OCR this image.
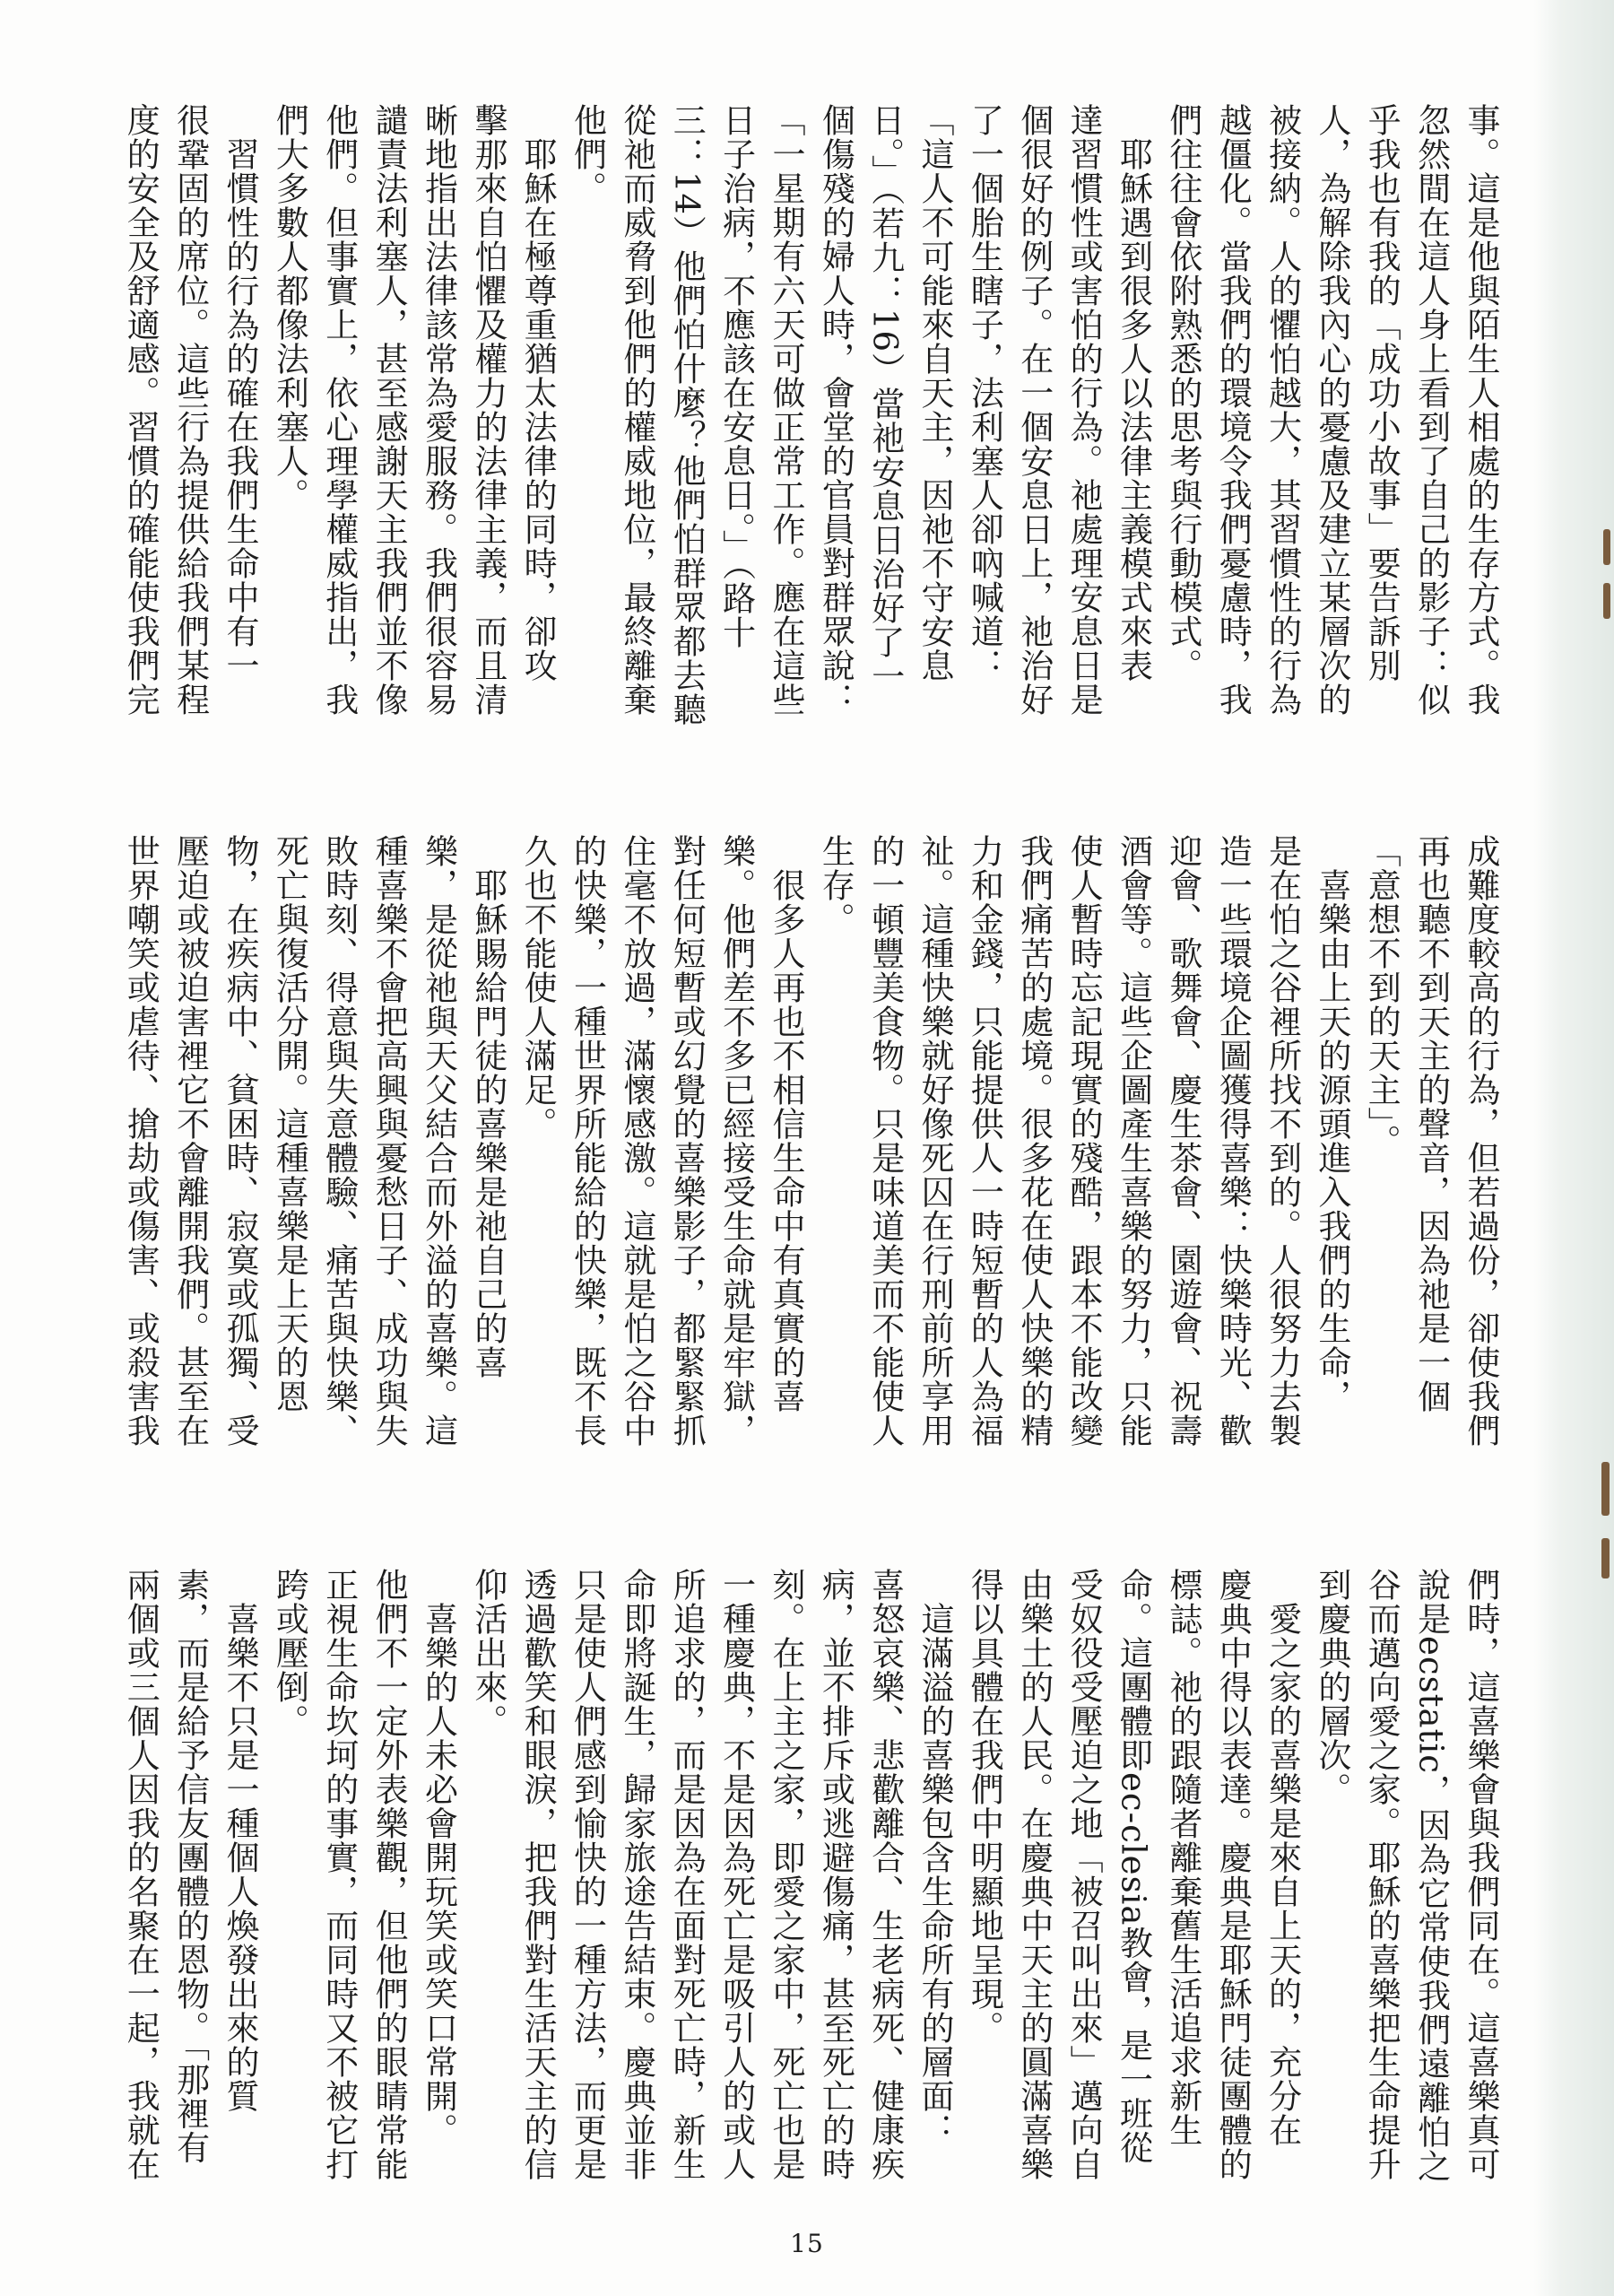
事。這是他與陌生人相處的生存方式。我
忽然間在這人身上看到了自己的影子：似
乎我也有我的「成功小故事」要告訴別
人，為解除我內心的憂慮及建立某層次的
被接納。人的懼怕越大，其習慣性的行為
越僵化。當我們的環境令我們憂慮時，我
們往往會依附熟悉的思考與行動模式。
　耶穌遇到很多人以法律主義模式來表
達習慣性或害怕的行為。祂處理安息日是
個很好的例子。在一個安息日上，祂治好
了一個胎生瞎子，法利塞人卻吶喊道：
「這人不可能來自天主，因祂不守安息
日。」（若九：16）當祂安息日治好了一
個傷殘的婦人時，會堂的官員對群眾說：
「一星期有六天可做正常工作。應在這些
日子治病，不應該在安息日。」（路十
三：14）他們怕什麼？他們怕群眾都去聽
從祂而威脅到他們的權威地位，最終離棄
他們。
　耶穌在極尊重猶太法律的同時，卻攻
擊那來自怕懼及權力的法律主義，而且清
晰地指出法律該常為愛服務。我們很容易
譴責法利塞人，甚至感謝天主我們並不像
他們。但事實上，依心理學權威指出，我
們大多數人都像法利塞人。
　習慣性的行為的確在我們生命中有一
很鞏固的席位。這些行為提供給我們某程
度的安全及舒適感。習慣的確能使我們完
成難度較高的行為，但若過份，卻使我們
再也聽不到天主的聲音，因為祂是一個
「意想不到的天主」。
　喜樂由上天的源頭進入我們的生命，
是在怕之谷裡所找不到的。人很努力去製
造一些環境企圖獲得喜樂：快樂時光、歡
迎會、歌舞會、慶生茶會、園遊會、祝壽
酒會等。這些企圖產生喜樂的努力，只能
使人暫時忘記現實的殘酷，跟本不能改變
我們痛苦的處境。很多花在使人快樂的精
力和金錢，只能提供人一時短暫的人為福
祉。這種快樂就好像死囚在行刑前所享用
的一頓豐美食物。只是味道美而不能使人
生存。
　很多人再也不相信生命中有真實的喜
樂。他們差不多已經接受生命就是牢獄，
對任何短暫或幻覺的喜樂影子，都緊緊抓
住毫不放過，滿懷感激。這就是怕之谷中
的快樂，一種世界所能給的快樂，既不長
久也不能使人滿足。
　耶穌賜給門徒的喜樂是祂自己的喜
樂，是從祂與天父結合而外溢的喜樂。這
種喜樂不會把高興與憂愁日子、成功與失
敗時刻、得意與失意體驗、痛苦與快樂、
死亡與復活分開。這種喜樂是上天的恩
物，在疾病中、貧困時、寂寞或孤獨、受
壓迫或被迫害裡它不會離開我們。甚至在
世界嘲笑或虐待、搶劫或傷害、或殺害我
們時，這喜樂會與我們同在。這喜樂真可
說是ecstatic，因為它常使我們遠離怕之
谷而邁向愛之家。耶穌的喜樂把生命提升
到慶典的層次。
　愛之家的喜樂是來自上天的，充分在
慶典中得以表達。慶典是耶穌門徒團體的
標誌。祂的跟隨者離棄舊生活追求新生
命。這團體即ec-clesia教會，是一班從
受奴役受壓迫之地「被召叫出來」邁向自
由樂土的人民。在慶典中天主的圓滿喜樂
得以具體在我們中明顯地呈現。
　這滿溢的喜樂包含生命所有的層面：
喜怒哀樂、悲歡離合、生老病死、健康疾
病，並不排斥或逃避傷痛，甚至死亡的時
刻。在上主之家，即愛之家中，死亡也是
一種慶典，不是因為死亡是吸引人的或人
所追求的，而是因為在面對死亡時，新生
命即將誕生，歸家旅途告結束。慶典並非
只是使人們感到愉快的一種方法，而更是
透過歡笑和眼淚，把我們對生活天主的信
仰活出來。
　喜樂的人未必會開玩笑或笑口常開。
他們不一定外表樂觀，但他們的眼睛常能
正視生命坎坷的事實，而同時又不被它打
跨或壓倒。
　喜樂不只是一種個人煥發出來的質
素，而是給予信友團體的恩物。「那裡有
兩個或三個人因我的名聚在一起，我就在
15
